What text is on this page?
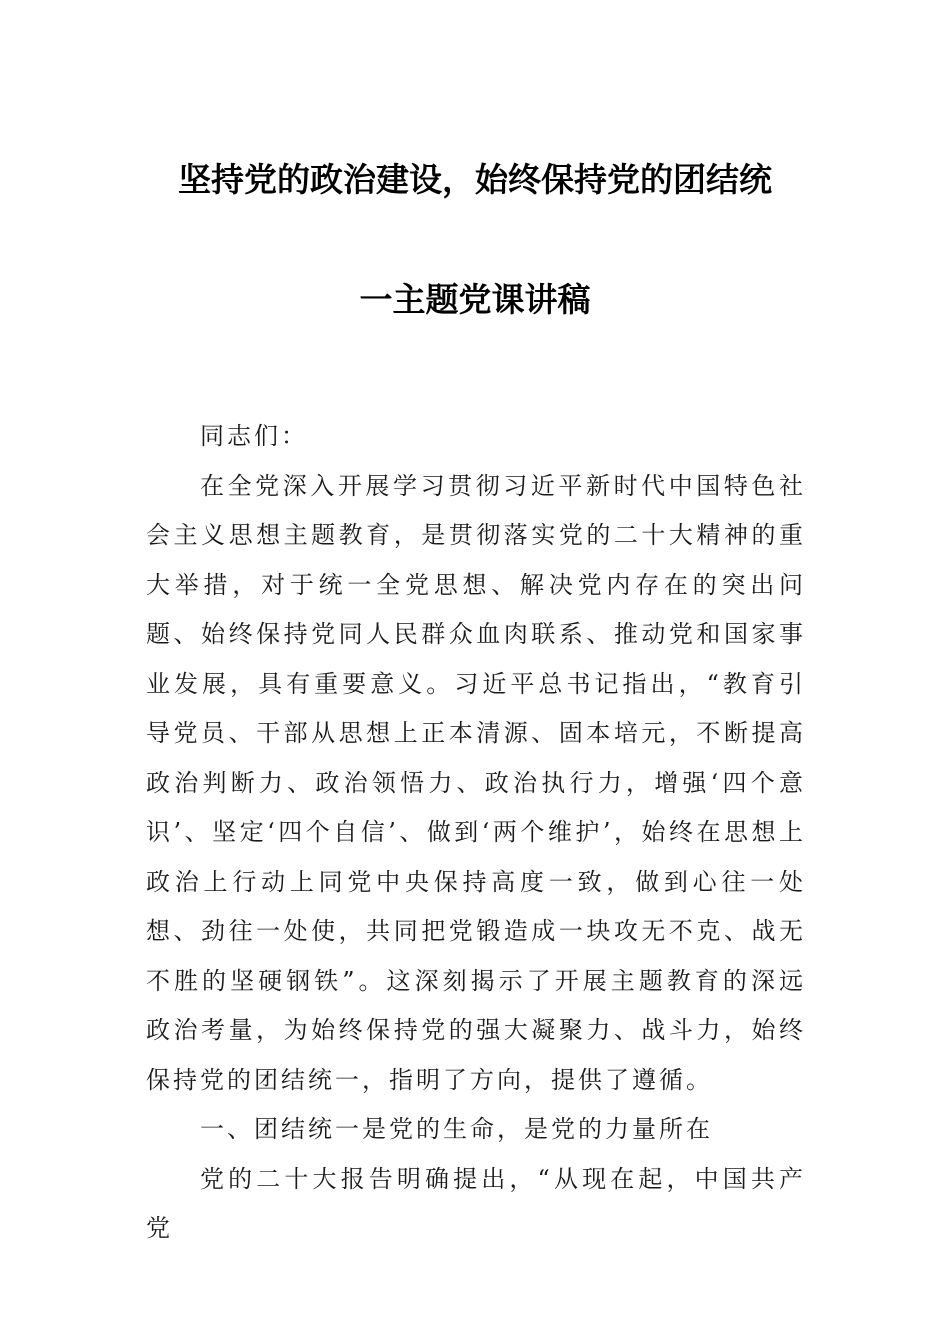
坚持党的政治建设，始终保持党的团结统
一主题党课讲稿

同志们：

在全党深入开展学习贯彻习近平新时代中国特色社会主义思想主题教育，是贯彻落实党的二十大精神的重大举措，对于统一全党思想、解决党内存在的突出问题、始终保持党同人民群众血肉联系、推动党和国家事业发展，具有重要意义。习近平总书记指出，“教育引导党员、干部从思想上正本清源、固本培元，不断提高政治判断力、政治领悟力、政治执行力，增强‘四个意识’、坚定‘四个自信’、做到‘两个维护’，始终在思想上政治上行动上同党中央保持高度一致，做到心往一处想、劲往一处使，共同把党锻造成一块攻无不克、战无不胜的坚硬钢铁”。这深刻揭示了开展主题教育的深远政治考量，为始终保持党的强大凝聚力、战斗力，始终保持党的团结统一，指明了方向，提供了遵循。

一、团结统一是党的生命，是党的力量所在

党的二十大报告明确提出，“从现在起，中国共产党
